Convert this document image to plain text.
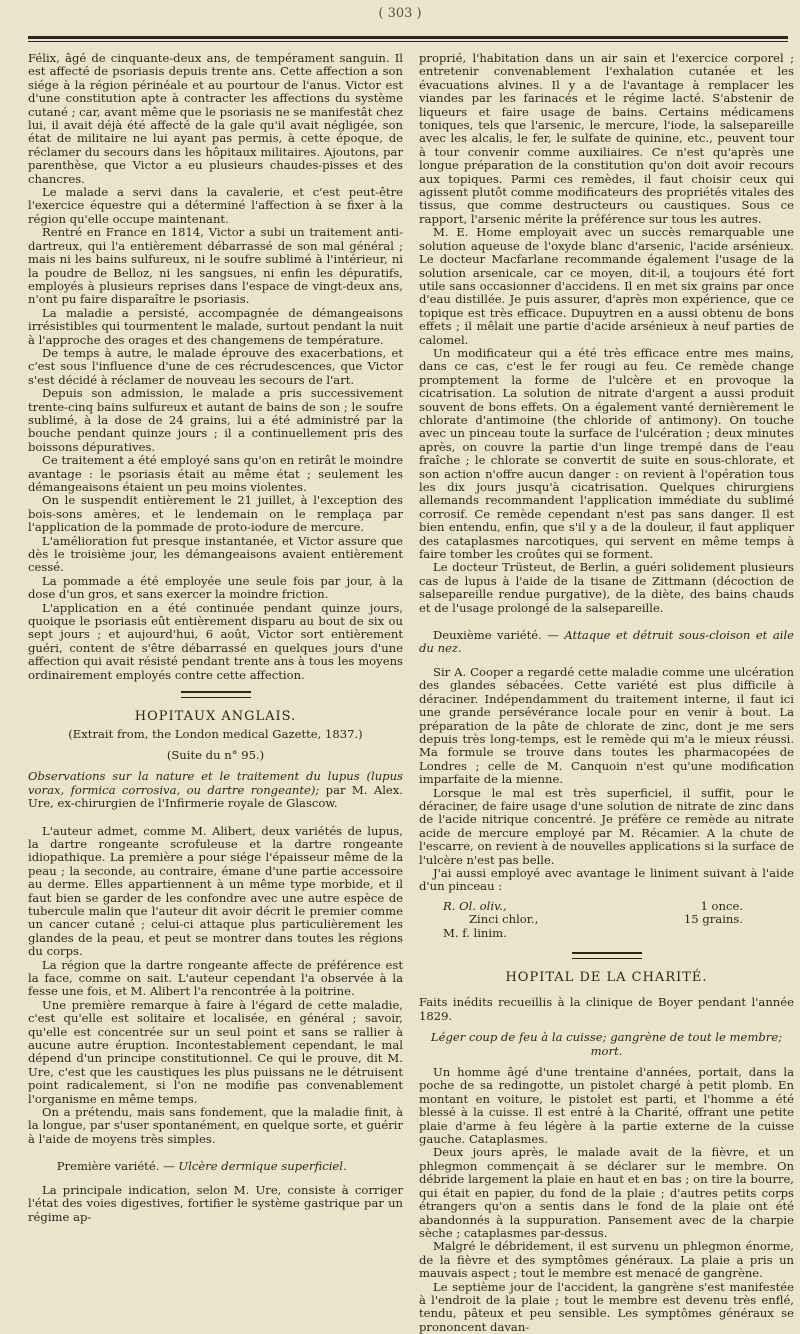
( 303 )

Félix, âgé de cinquante-deux ans, de tempérament sanguin. Il est affecté de psoriasis depuis trente ans. Cette affection a son siége à la région périnéale et au pourtour de l'anus. Victor est d'une constitution apte à contracter les affections du système cutané ; car, avant même que le psoriasis ne se manifestât chez lui, il avait déjà été affecté de la gale qu'il avait négligée, son état de militaire ne lui ayant pas permis, à cette époque, de réclamer du secours dans les hôpitaux militaires. Ajoutons, par parenthèse, que Victor a eu plusieurs chaudes-pisses et des chancres.

Le malade a servi dans la cavalerie, et c'est peut-être l'exercice équestre qui a déterminé l'affection à se fixer à la région qu'elle occupe maintenant.

Rentré en France en 1814, Victor a subi un traitement anti-dartreux, qui l'a entièrement débarrassé de son mal général ; mais ni les bains sulfureux, ni le soufre sublimé à l'intérieur, ni la poudre de Belloz, ni les sangsues, ni enfin les dépuratifs, employés à plusieurs reprises dans l'espace de vingt-deux ans, n'ont pu faire disparaître le psoriasis.

La maladie a persisté, accompagnée de démangeaisons irrésistibles qui tourmentent le malade, surtout pendant la nuit à l'approche des orages et des changemens de température.

De temps à autre, le malade éprouve des exacerbations, et c'est sous l'influence d'une de ces récrudescences, que Victor s'est décidé à réclamer de nouveau les secours de l'art.

Depuis son admission, le malade a pris successivement trente-cinq bains sulfureux et autant de bains de son ; le soufre sublimé, à la dose de 24 grains, lui a été administré par la bouche pendant quinze jours ; il a continuellement pris des boissons dépuratives.

Ce traitement a été employé sans qu'on en retirât le moindre avantage : le psoriasis était au même état ; seulement les démangeaisons étaient un peu moins violentes.

On le suspendit entièrement le 21 juillet, à l'exception des bois-sons amères, et le lendemain on le remplaça par l'application de la pommade de proto-iodure de mercure.

L'amélioration fut presque instantanée, et Victor assure que dès le troisième jour, les démangeaisons avaient entièrement cessé.

La pommade a été employée une seule fois par jour, à la dose d'un gros, et sans exercer la moindre friction.

L'application en a été continuée pendant quinze jours, quoique le psoriasis eût entièrement disparu au bout de six ou sept jours ; et aujourd'hui, 6 août, Victor sort entièrement guéri, content de s'être débarrassé en quelques jours d'une affection qui avait résisté pendant trente ans à tous les moyens ordinairement employés contre cette affection.

HOPITAUX ANGLAIS.

(Extrait from, the London medical Gazette, 1837.)

(Suite du n° 95.)

Observations sur la nature et le traitement du lupus (lupus vorax, formica corrosiva, ou dartre rongeante); par M. Alex. Ure, ex-chirurgien de l'Infirmerie royale de Glascow.

L'auteur admet, comme M. Alibert, deux variétés de lupus, la dartre rongeante scrofuleuse et la dartre rongeante idiopathique. La première a pour siége l'épaisseur même de la peau ; la seconde, au contraire, émane d'une partie accessoire au derme. Elles appartiennent à un même type morbide, et il faut bien se garder de les confondre avec une autre espèce de tubercule malin que l'auteur dit avoir décrit le premier comme un cancer cutané ; celui-ci attaque plus particulièrement les glandes de la peau, et peut se montrer dans toutes les régions du corps.

La région que la dartre rongeante affecte de préférence est la face, comme on sait. L'auteur cependant l'a observée à la fesse une fois, et M. Alibert l'a rencontrée à la poitrine.

Une première remarque à faire à l'égard de cette maladie, c'est qu'elle est solitaire et localisée, en général ; savoir, qu'elle est concentrée sur un seul point et sans se rallier à aucune autre éruption. Incontestablement cependant, le mal dépend d'un principe constitutionnel. Ce qui le prouve, dit M. Ure, c'est que les caustiques les plus puissans ne le détruisent point radicalement, si l'on ne modifie pas convenablement l'organisme en même temps.

On a prétendu, mais sans fondement, que la maladie finit, à la longue, par s'user spontanément, en quelque sorte, et guérir à l'aide de moyens très simples.

Première variété. — Ulcère dermique superficiel.

La principale indication, selon M. Ure, consiste à corriger l'état des voies digestives, fortifier le système gastrique par un régime ap-

proprié, l'habitation dans un air sain et l'exercice corporel ; entretenir convenablement l'exhalation cutanée et les évacuations alvines. Il y a de l'avantage à remplacer les viandes par les farinacés et le régime lacté. S'abstenir de liqueurs et faire usage de bains. Certains médicamens toniques, tels que l'arsenic, le mercure, l'iode, la salsepareille avec les alcalis, le fer, le sulfate de quinine, etc., peuvent tour à tour convenir comme auxiliaires. Ce n'est qu'après une longue préparation de la constitution qu'on doit avoir recours aux topiques. Parmi ces remèdes, il faut choisir ceux qui agissent plutôt comme modificateurs des propriétés vitales des tissus, que comme destructeurs ou caustiques. Sous ce rapport, l'arsenic mérite la préférence sur tous les autres.

M. E. Home employait avec un succès remarquable une solution aqueuse de l'oxyde blanc d'arsenic, l'acide arsénieux. Le docteur Macfarlane recommande également l'usage de la solution arsenicale, car ce moyen, dit-il, a toujours été fort utile sans occasionner d'accidens. Il en met six grains par once d'eau distillée. Je puis assurer, d'après mon expérience, que ce topique est très efficace. Dupuytren en a aussi obtenu de bons effets ; il mêlait une partie d'acide arsénieux à neuf parties de calomel.

Un modificateur qui a été très efficace entre mes mains, dans ce cas, c'est le fer rougi au feu. Ce remède change promptement la forme de l'ulcère et en provoque la cicatrisation. La solution de nitrate d'argent a aussi produit souvent de bons effets. On a également vanté dernièrement le chlorate d'antimoine (the chloride of antimony). On touche avec un pinceau toute la surface de l'ulcération ; deux minutes après, on couvre la partie d'un linge trempé dans de l'eau fraîche ; le chlorate se convertit de suite en sous-chlorate, et son action n'offre aucun danger : on revient à l'opération tous les dix jours jusqu'à cicatrisation. Quelques chirurgiens allemands recommandent l'application immédiate du sublimé corrosif. Ce remède cependant n'est pas sans danger. Il est bien entendu, enfin, que s'il y a de la douleur, il faut appliquer des cataplasmes narcotiques, qui servent en même temps à faire tomber les croûtes qui se forment.

Le docteur Trüsteut, de Berlin, a guéri solidement plusieurs cas de lupus à l'aide de la tisane de Zittmann (décoction de salsepareille rendue purgative), de la diète, des bains chauds et de l'usage prolongé de la salsepareille.

Deuxième variété. — Attaque et détruit sous-cloison et aile du nez.

Sir A. Cooper a regardé cette maladie comme une ulcération des glandes sébacées. Cette variété est plus difficile à déraciner. Indépendamment du traitement interne, il faut ici une grande persévérance locale pour en venir à bout. La préparation de la pâte de chlorate de zinc, dont je me sers depuis très long-temps, est le remède qui m'a le mieux réussi. Ma formule se trouve dans toutes les pharmacopées de Londres ; celle de M. Canquoin n'est qu'une modification imparfaite de la mienne.

Lorsque le mal est très superficiel, il suffit, pour le déraciner, de faire usage d'une solution de nitrate de zinc dans de l'acide nitrique concentré. Je préfère ce remède au nitrate acide de mercure employé par M. Récamier. A la chute de l'escarre, on revient à de nouvelles applications si la surface de l'ulcère n'est pas belle.

J'ai aussi employé avec avantage le liniment suivant à l'aide d'un pinceau :

R. Ol. oliv.,	1 once.
Zinci chlor.,	15 grains.
M. f. linim.
HOPITAL DE LA CHARITÉ.

Faits inédits recueillis à la clinique de Boyer pendant l'année 1829.

Léger coup de feu à la cuisse; gangrène de tout le membre; mort.

Un homme âgé d'une trentaine d'années, portait, dans la poche de sa redingotte, un pistolet chargé à petit plomb. En montant en voiture, le pistolet est parti, et l'homme a été blessé à la cuisse. Il est entré à la Charité, offrant une petite plaie d'arme à feu légère à la partie externe de la cuisse gauche. Cataplasmes.

Deux jours après, le malade avait de la fièvre, et un phlegmon commençait à se déclarer sur le membre. On débride largement la plaie en haut et en bas ; on tire la bourre, qui était en papier, du fond de la plaie ; d'autres petits corps étrangers qu'on a sentis dans le fond de la plaie ont été abandonnés à la suppuration. Pansement avec de la charpie sèche ; cataplasmes par-dessus.

Malgré le débridement, il est survenu un phlegmon énorme, de la fièvre et des symptômes généraux. La plaie a pris un mauvais aspect ; tout le membre est menacé de gangrène.

Le septième jour de l'accident, la gangrène s'est manifestée à l'endroit de la plaie ; tout le membre est devenu très enflé, tendu, pâteux et peu sensible. Les symptômes généraux se prononcent davan-
